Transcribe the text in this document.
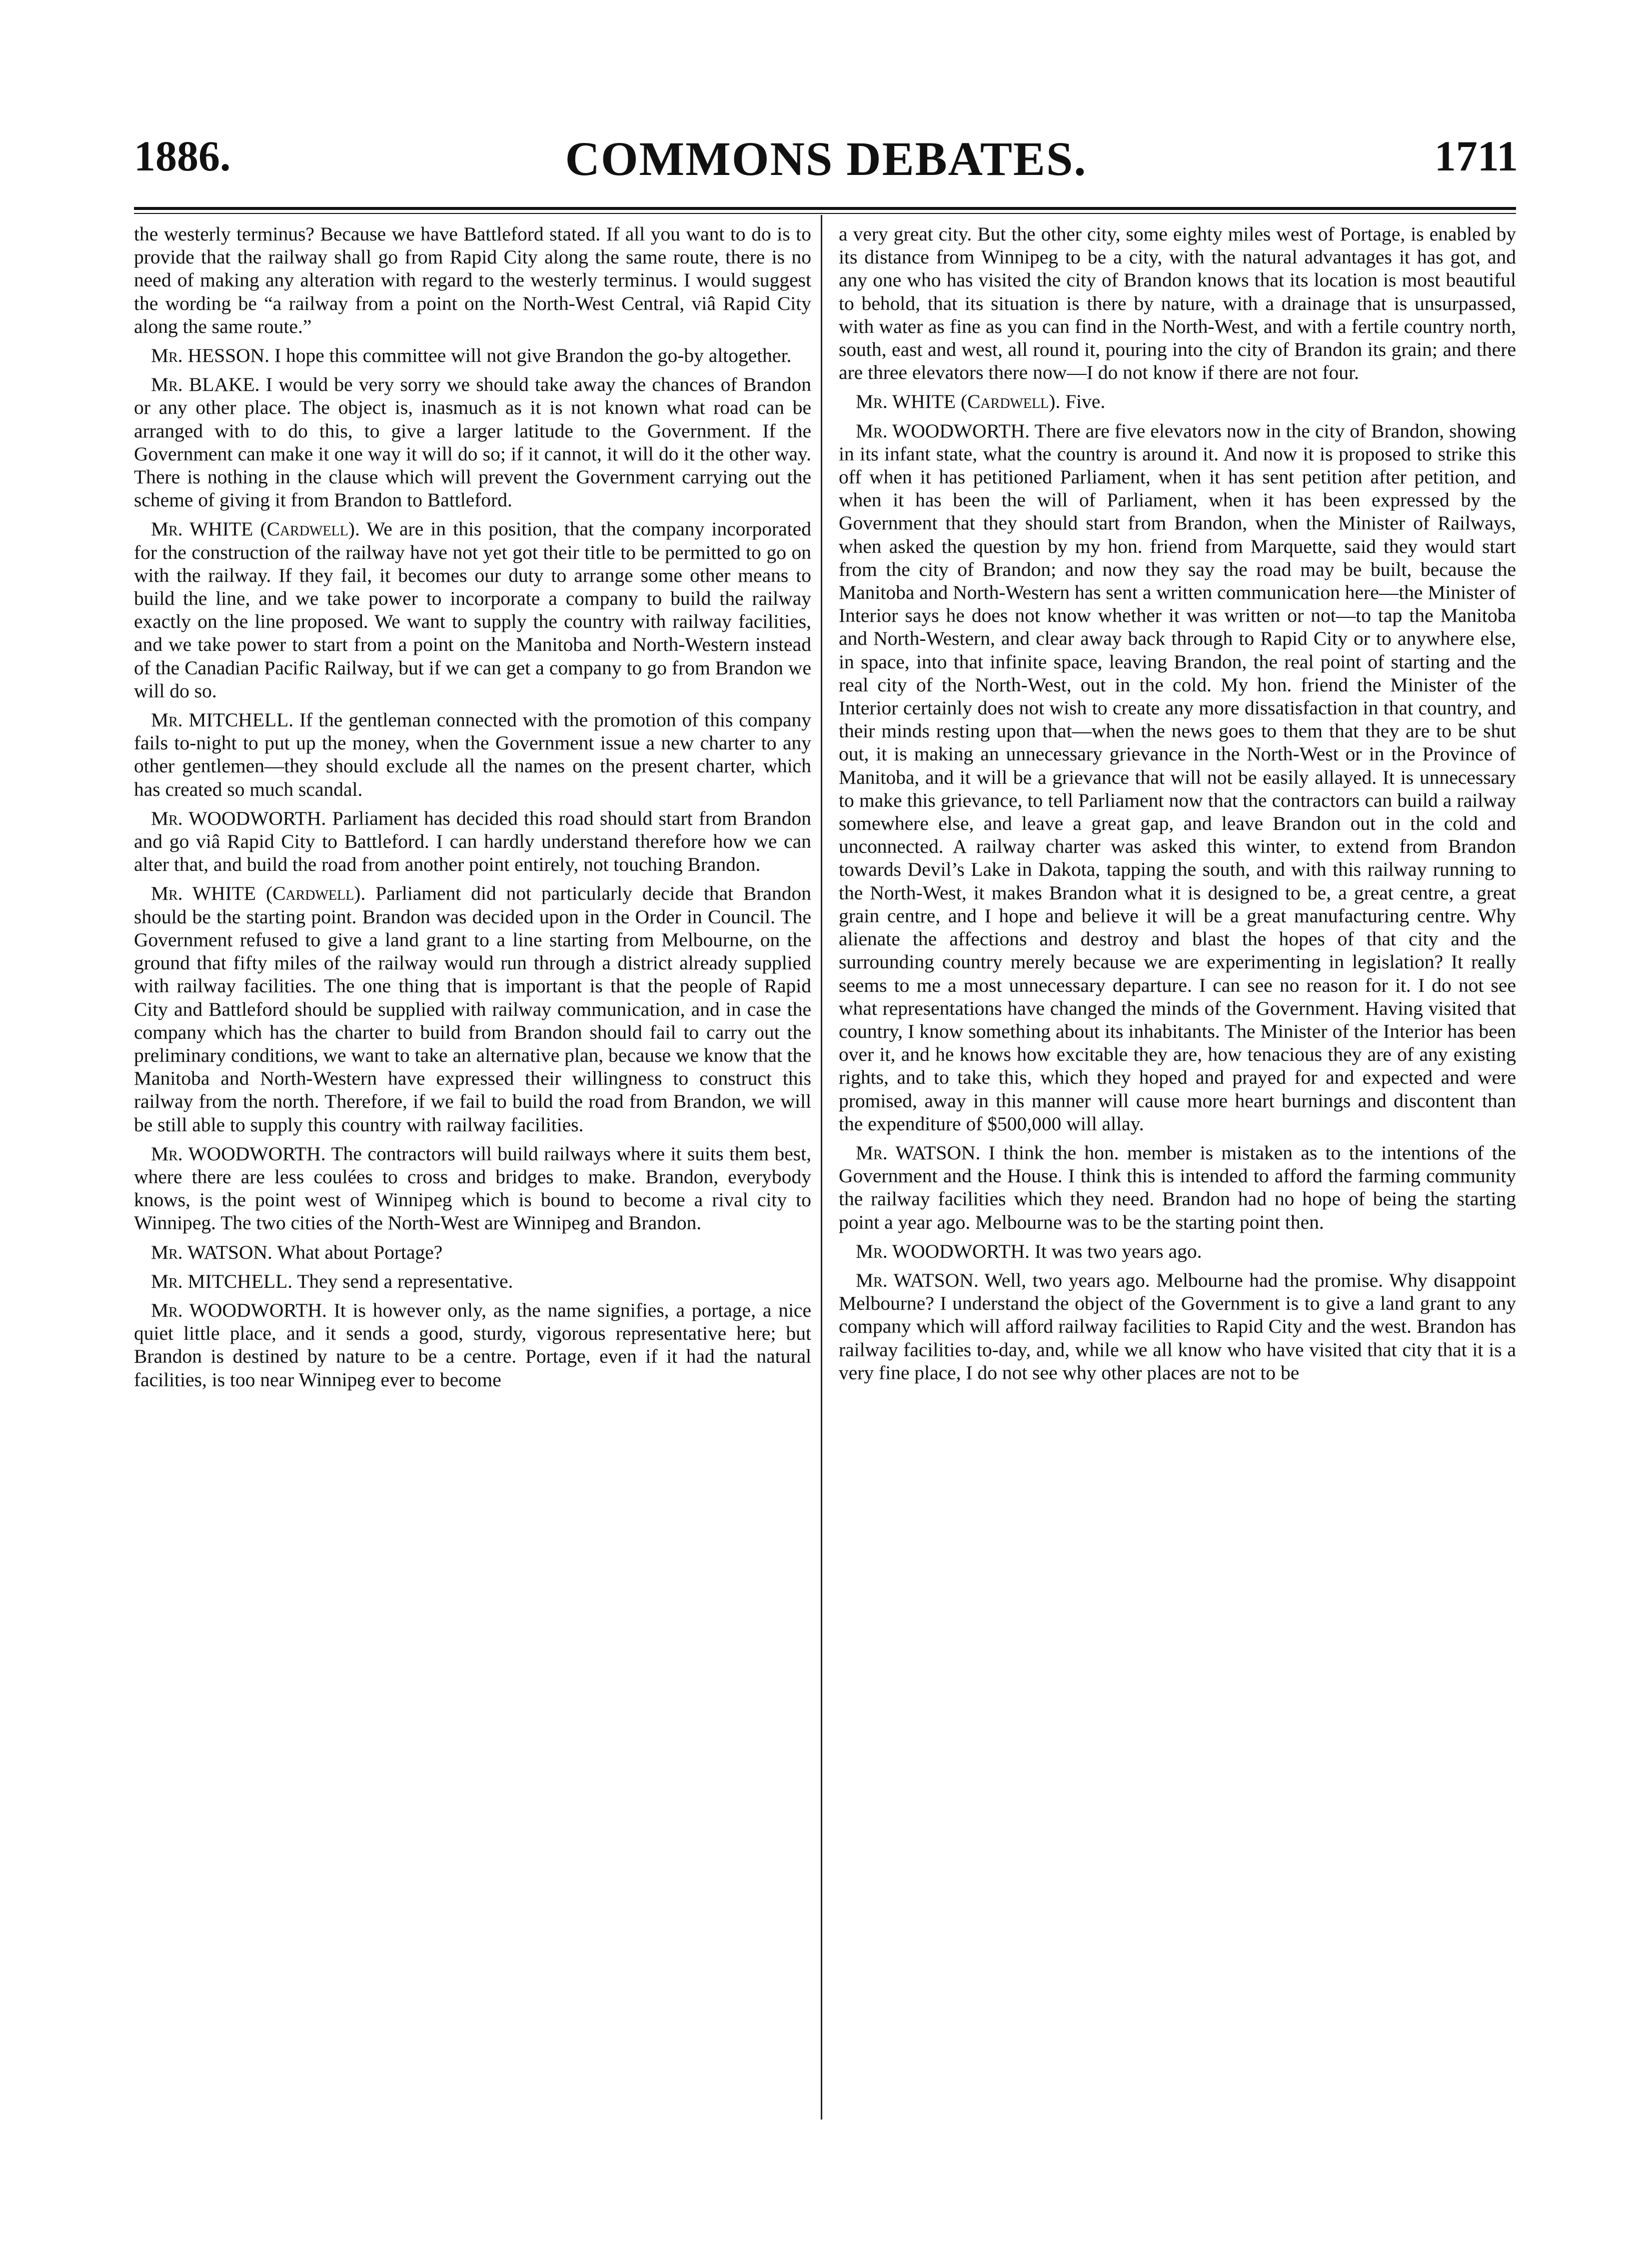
COMMONS DEBATES.
1886.	1711

the westerly terminus? Because we have Battleford stated. If all you want to do is to provide that the railway shall go from Rapid City along the same route, there is no need of making any alteration with regard to the westerly terminus. I would suggest the wording be “a railway from a point on the North-West Central, viâ Rapid City along the same route.”

Mr. HESSON. I hope this committee will not give Brandon the go-by altogether.

Mr. BLAKE. I would be very sorry we should take away the chances of Brandon or any other place. The object is, inasmuch as it is not known what road can be arranged with to do this, to give a larger latitude to the Government. If the Government can make it one way it will do so; if it cannot, it will do it the other way. There is nothing in the clause which will prevent the Government carrying out the scheme of giving it from Brandon to Battleford.

Mr. WHITE (Cardwell). We are in this position, that the company incorporated for the construction of the railway have not yet got their title to be permitted to go on with the railway. If they fail, it becomes our duty to arrange some other means to build the line, and we take power to incorporate a company to build the railway exactly on the line proposed. We want to supply the country with railway facilities, and we take power to start from a point on the Manitoba and North-Western instead of the Canadian Pacific Railway, but if we can get a company to go from Brandon we will do so.

Mr. MITCHELL. If the gentleman connected with the promotion of this company fails to-night to put up the money, when the Government issue a new charter to any other gentlemen—they should exclude all the names on the present charter, which has created so much scandal.

Mr. WOODWORTH. Parliament has decided this road should start from Brandon and go viâ Rapid City to Battleford. I can hardly understand therefore how we can alter that, and build the road from another point entirely, not touching Brandon.

Mr. WHITE (Cardwell). Parliament did not particularly decide that Brandon should be the starting point. Brandon was decided upon in the Order in Council. The Government refused to give a land grant to a line starting from Melbourne, on the ground that fifty miles of the railway would run through a district already supplied with railway facilities. The one thing that is important is that the people of Rapid City and Battleford should be supplied with railway communication, and in case the company which has the charter to build from Brandon should fail to carry out the preliminary conditions, we want to take an alternative plan, because we know that the Manitoba and North-Western have expressed their willingness to construct this railway from the north. Therefore, if we fail to build the road from Brandon, we will be still able to supply this country with railway facilities.

Mr. WOODWORTH. The contractors will build railways where it suits them best, where there are less coulées to cross and bridges to make. Brandon, everybody knows, is the point west of Winnipeg which is bound to become a rival city to Winnipeg. The two cities of the North-West are Winnipeg and Brandon.

Mr. WATSON. What about Portage?

Mr. MITCHELL. They send a representative.

Mr. WOODWORTH. It is however only, as the name signifies, a portage, a nice quiet little place, and it sends a good, sturdy, vigorous representative here; but Brandon is destined by nature to be a centre. Portage, even if it had the natural facilities, is too near Winnipeg ever to become

a very great city. But the other city, some eighty miles west of Portage, is enabled by its distance from Winnipeg to be a city, with the natural advantages it has got, and any one who has visited the city of Brandon knows that its location is most beautiful to behold, that its situation is there by nature, with a drainage that is unsurpassed, with water as fine as you can find in the North-West, and with a fertile country north, south, east and west, all round it, pouring into the city of Brandon its grain; and there are three elevators there now—I do not know if there are not four.

Mr. WHITE (Cardwell). Five.

Mr. WOODWORTH. There are five elevators now in the city of Brandon, showing in its infant state, what the country is around it. And now it is proposed to strike this off when it has petitioned Parliament, when it has sent petition after petition, and when it has been the will of Parliament, when it has been expressed by the Government that they should start from Brandon, when the Minister of Railways, when asked the question by my hon. friend from Marquette, said they would start from the city of Brandon; and now they say the road may be built, because the Manitoba and North-Western has sent a written communication here—the Minister of Interior says he does not know whether it was written or not—to tap the Manitoba and North-Western, and clear away back through to Rapid City or to anywhere else, in space, into that infinite space, leaving Brandon, the real point of starting and the real city of the North-West, out in the cold. My hon. friend the Minister of the Interior certainly does not wish to create any more dissatisfaction in that country, and their minds resting upon that—when the news goes to them that they are to be shut out, it is making an unnecessary grievance in the North-West or in the Province of Manitoba, and it will be a grievance that will not be easily allayed. It is unnecessary to make this grievance, to tell Parliament now that the contractors can build a railway somewhere else, and leave a great gap, and leave Brandon out in the cold and unconnected. A railway charter was asked this winter, to extend from Brandon towards Devil’s Lake in Dakota, tapping the south, and with this railway running to the North-West, it makes Brandon what it is designed to be, a great centre, a great grain centre, and I hope and believe it will be a great manufacturing centre. Why alienate the affections and destroy and blast the hopes of that city and the surrounding country merely because we are experimenting in legislation? It really seems to me a most unnecessary departure. I can see no reason for it. I do not see what representations have changed the minds of the Government. Having visited that country, I know something about its inhabitants. The Minister of the Interior has been over it, and he knows how excitable they are, how tenacious they are of any existing rights, and to take this, which they hoped and prayed for and expected and were promised, away in this manner will cause more heart burnings and discontent than the expenditure of $500,000 will allay.

Mr. WATSON. I think the hon. member is mistaken as to the intentions of the Government and the House. I think this is intended to afford the farming community the railway facilities which they need. Brandon had no hope of being the starting point a year ago. Melbourne was to be the starting point then.

Mr. WOODWORTH. It was two years ago.

Mr. WATSON. Well, two years ago. Melbourne had the promise. Why disappoint Melbourne? I understand the object of the Government is to give a land grant to any company which will afford railway facilities to Rapid City and the west. Brandon has railway facilities to-day, and, while we all know who have visited that city that it is a very fine place, I do not see why other places are not to be
